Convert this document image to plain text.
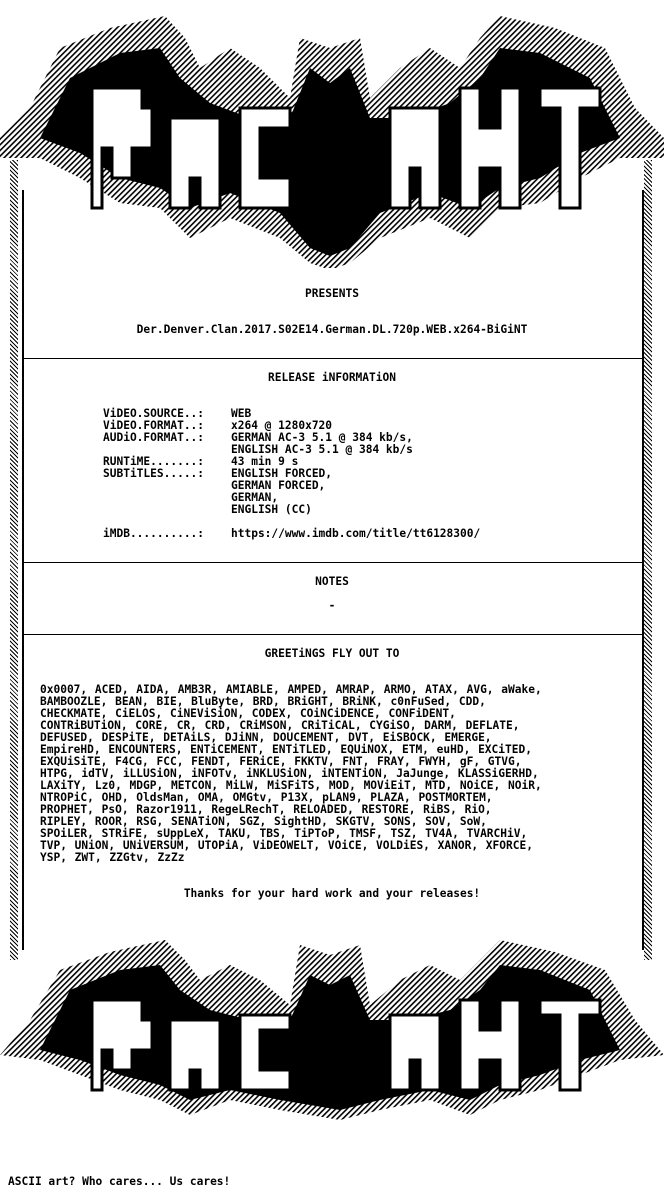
PRESENTS
Der.Denver.Clan.2017.S02E14.German.DL.720p.WEB.x264-BiGiNT
RELEASE iNFORMATiON
ViDEO.SOURCE..: WEB
ViDEO.FORMAT..: x264 @ 1280x720
AUDiO.FORMAT..: GERMAN AC-3 5.1 @ 384 kb/s,
ENGLISH AC-3 5.1 @ 384 kb/s
RUNTiME.......: 43 min 9 s
SUBTiTLES.....: ENGLISH FORCED,
GERMAN FORCED,
GERMAN,
ENGLISH (CC)
iMDB..........: https://www.imdb.com/title/tt6128300/
NOTES
-
GREETiNGS FLY OUT TO
0x0007, ACED, AIDA, AMB3R, AMIABLE, AMPED, AMRAP, ARMO, ATAX, AVG, aWake,
BAMBOOZLE, BEAN, BIE, BluByte, BRD, BRiGHT, BRiNK, c0nFuSed, CDD,
CHECKMATE, CiELOS, CiNEViSiON, CODEX, COiNCiDENCE, CONFiDENT,
CONTRiBUTiON, CORE, CR, CRD, CRiMSON, CRiTiCAL, CYGiSO, DARM, DEFLATE,
DEFUSED, DESPiTE, DETAiLS, DJiNN, DOUCEMENT, DVT, EiSBOCK, EMERGE,
EmpireHD, ENCOUNTERS, ENTiCEMENT, ENTiTLED, EQUiNOX, ETM, euHD, EXCiTED,
EXQUiSiTE, F4CG, FCC, FENDT, FERiCE, FKKTV, FNT, FRAY, FWYH, gF, GTVG,
HTPG, idTV, iLLUSiON, iNFOTv, iNKLUSiON, iNTENTiON, JaJunge, KLASSiGERHD,
LAXiTY, Lz0, MDGP, METCON, MiLW, MiSFiTS, MOD, MOViEiT, MTD, NOiCE, NOiR,
NTROPiC, OHD, OldsMan, OMA, OMGtv, P13X, pLAN9, PLAZA, POSTMORTEM,
PROPHET, PsO, Razor1911, RegeLRechT, RELOADED, RESTORE, RiBS, RiO,
RIPLEY, ROOR, RSG, SENATiON, SGZ, SightHD, SKGTV, SONS, SOV, SoW,
SPOiLER, STRiFE, sUppLeX, TAKU, TBS, TiPToP, TMSF, TSZ, TV4A, TVARCHiV,
TVP, UNiON, UNiVERSUM, UTOPiA, ViDEOWELT, VOiCE, VOLDiES, XANOR, XFORCE,
YSP, ZWT, ZZGtv, ZzZz
Thanks for your hard work and your releases!
ASCII art? Who cares... Us cares!
